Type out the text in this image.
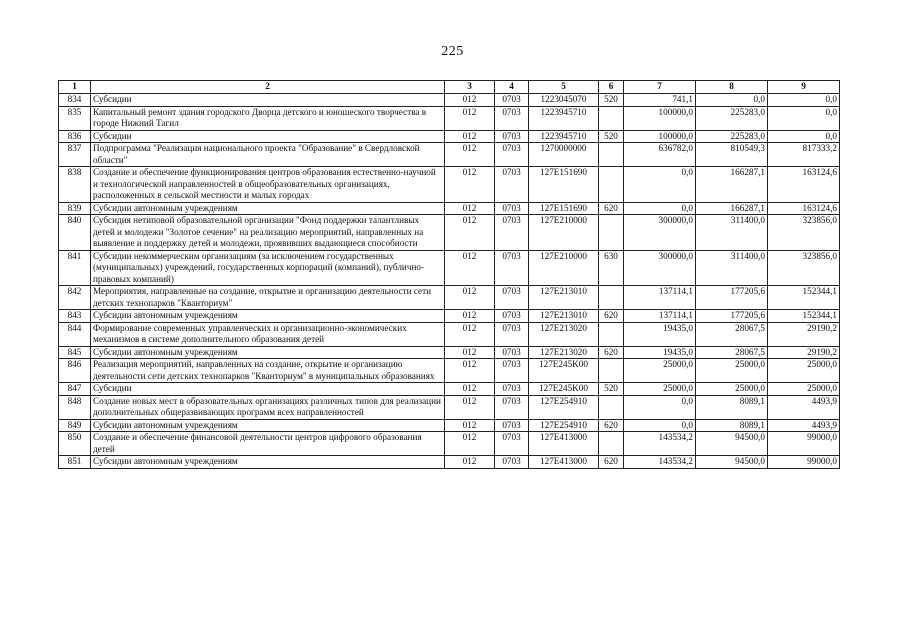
225
1	2	3	4	5	6	7	8	9
834	Субсидии	012	0703	1223045070	520	741,1	0,0	0,0
835	Капитальный ремонт здания городского Дворца детского и юношеского творчества в городе Нижний Тагил	012	0703	1223945710		100000,0	225283,0	0,0
836	Субсидии	012	0703	1223945710	520	100000,0	225283,0	0,0
837	Подпрограмма "Реализация национального проекта "Образование" в Свердловской области"	012	0703	1270000000		636782,0	810549,3	817333,2
838	Создание и обеспечение функционирования центров образования естественно-научной и технологической направленностей в общеобразовательных организациях, расположенных в сельской местности и малых городах	012	0703	127E151690		0,0	166287,1	163124,6
839	Субсидии автономным учреждениям	012	0703	127E151690	620	0,0	166287,1	163124,6
840	Субсидия нетиповой образовательной организации "Фонд поддержки талантливых детей и молодежи "Золотое сечение" на реализацию мероприятий, направленных на выявление и поддержку детей и молодежи, проявивших выдающиеся способности	012	0703	127E210000		300000,0	311400,0	323856,0
841	Субсидии некоммерческим организациям (за исключением государственных (муниципальных) учреждений, государственных корпораций (компаний), публично-правовых компаний)	012	0703	127E210000	630	300000,0	311400,0	323856,0
842	Мероприятия, направленные на создание, открытие и организацию деятельности сети детских технопарков "Кванториум"	012	0703	127E213010		137114,1	177205,6	152344,1
843	Субсидии автономным учреждениям	012	0703	127E213010	620	137114,1	177205,6	152344,1
844	Формирование современных управленческих и организационно-экономических механизмов в системе дополнительного образования детей	012	0703	127E213020		19435,0	28067,5	29190,2
845	Субсидии автономным учреждениям	012	0703	127E213020	620	19435,0	28067,5	29190,2
846	Реализация мероприятий, направленных на создание, открытие и организацию деятельности сети детских технопарков "Кванториум" в муниципальных образованиях	012	0703	127E245K00		25000,0	25000,0	25000,0
847	Субсидии	012	0703	127E245K00	520	25000,0	25000,0	25000,0
848	Создание новых мест в образовательных организациях различных типов для реализации дополнительных общеразвивающих программ всех направленностей	012	0703	127E254910		0,0	8089,1	4493,9
849	Субсидии автономным учреждениям	012	0703	127E254910	620	0,0	8089,1	4493,9
850	Создание и обеспечение финансовой деятельности центров цифрового образования детей	012	0703	127E413000		143534,2	94500,0	99000,0
851	Субсидии автономным учреждениям	012	0703	127E413000	620	143534,2	94500,0	99000,0
